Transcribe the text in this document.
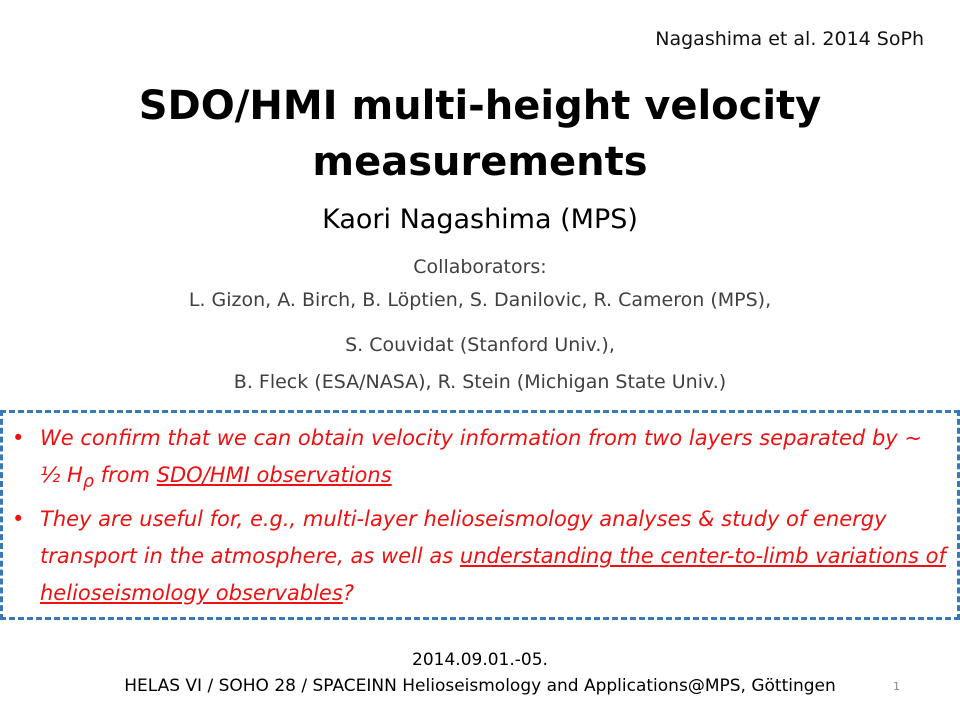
Nagashima et al. 2014 SoPh
SDO/HMI multi-height velocity
measurements
Kaori Nagashima (MPS)
Collaborators:
L. Gizon, A. Birch, B. Löptien, S. Danilovic, R. Cameron (MPS),
S. Couvidat (Stanford Univ.),
B. Fleck (ESA/NASA), R. Stein (Michigan State Univ.)
• We confirm that we can obtain velocity information from two layers separated by ∼ ¹⁄₂ $H_\rho$ from SDO/HMI observations
• They are useful for, e.g., multi-layer helioseismology analyses & study of energy transport in the atmosphere, as well as understanding the center-to-limb variations of helioseismology observables?
2014.09.01.-05.
HELAS VI / SOHO 28 / SPACEINN Helioseismology and Applications@MPS, Göttingen	1
